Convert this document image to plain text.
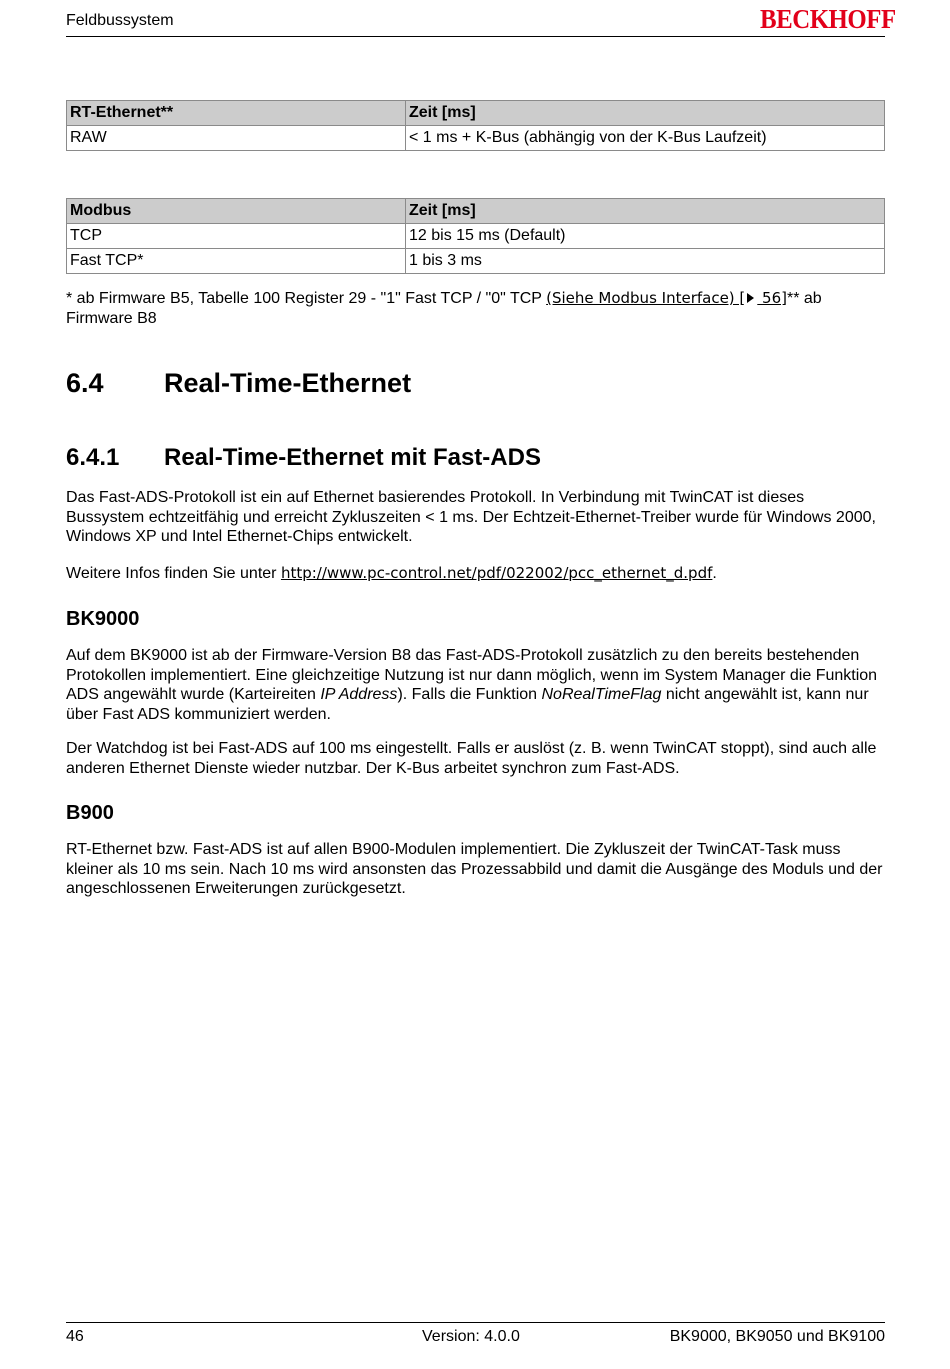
Feldbussystem	BECKHOFF
RT-Ethernet**	Zeit [ms]
RAW	< 1 ms + K-Bus (abhängig von der K-Bus Laufzeit)
Modbus	Zeit [ms]
TCP	12 bis 15 ms (Default)
Fast TCP*	1 bis 3 ms
* ab Firmware B5, Tabelle 100 Register 29 - "1" Fast TCP / "0" TCP (Siehe Modbus Interface) [ 56]** ab Firmware B8
6.4 Real-Time-Ethernet
6.4.1 Real-Time-Ethernet mit Fast-ADS
Das Fast-ADS-Protokoll ist ein auf Ethernet basierendes Protokoll. In Verbindung mit TwinCAT ist dieses Bussystem echtzeitfähig und erreicht Zykluszeiten < 1 ms. Der Echtzeit-Ethernet-Treiber wurde für Windows 2000, Windows XP und Intel Ethernet-Chips entwickelt.
Weitere Infos finden Sie unter http://www.pc-control.net/pdf/022002/pcc_ethernet_d.pdf.
BK9000
Auf dem BK9000 ist ab der Firmware-Version B8 das Fast-ADS-Protokoll zusätzlich zu den bereits bestehenden Protokollen implementiert. Eine gleichzeitige Nutzung ist nur dann möglich, wenn im System Manager die Funktion ADS angewählt wurde (Karteireiten IP Address). Falls die Funktion NoRealTimeFlag nicht angewählt ist, kann nur über Fast ADS kommuniziert werden.
Der Watchdog ist bei Fast-ADS auf 100 ms eingestellt. Falls er auslöst (z. B. wenn TwinCAT stoppt), sind auch alle anderen Ethernet Dienste wieder nutzbar. Der K-Bus arbeitet synchron zum Fast-ADS.
B900
RT-Ethernet bzw. Fast-ADS ist auf allen B900-Modulen implementiert. Die Zykluszeit der TwinCAT-Task muss kleiner als 10 ms sein. Nach 10 ms wird ansonsten das Prozessabbild und damit die Ausgänge des Moduls und der angeschlossenen Erweiterungen zurückgesetzt.
46	Version: 4.0.0	BK9000, BK9050 und BK9100
